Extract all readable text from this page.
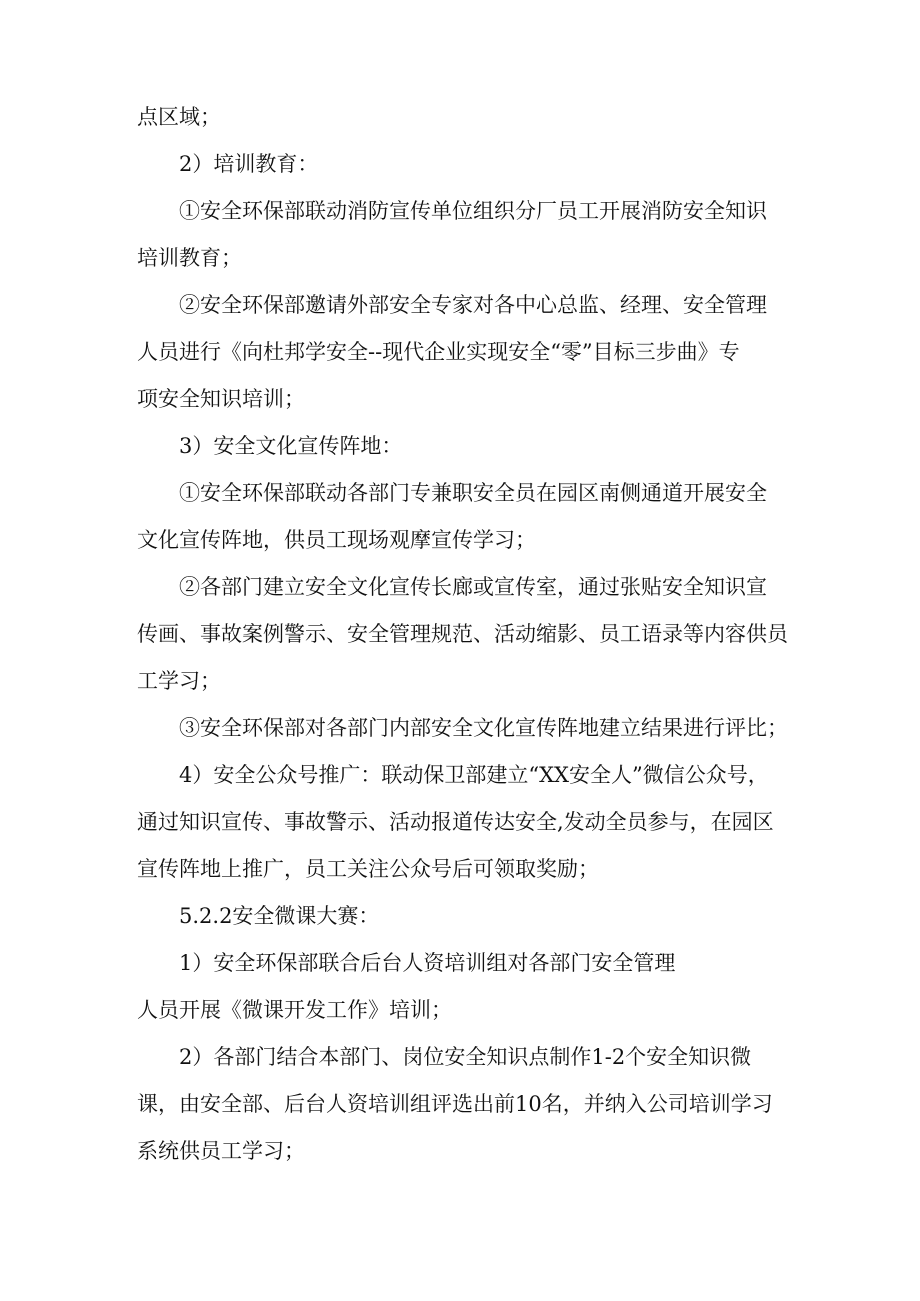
点区域；
2）培训教育：
①安全环保部联动消防宣传单位组织分厂员工开展消防安全知识
培训教育；
②安全环保部邀请外部安全专家对各中心总监、经理、安全管理
人员进行《向杜邦学安全--现代企业实现安全“零”目标三步曲》专
项安全知识培训；
3）安全文化宣传阵地：
①安全环保部联动各部门专兼职安全员在园区南侧通道开展安全
文化宣传阵地，供员工现场观摩宣传学习；
②各部门建立安全文化宣传长廊或宣传室，通过张贴安全知识宣
传画、事故案例警示、安全管理规范、活动缩影、员工语录等内容供员
工学习；
③安全环保部对各部门内部安全文化宣传阵地建立结果进行评比；
4）安全公众号推广：联动保卫部建立“XX安全人”微信公众号，
通过知识宣传、事故警示、活动报道传达安全,发动全员参与，在园区
宣传阵地上推广，员工关注公众号后可领取奖励；
5.2.2安全微课大赛：
1）安全环保部联合后台人资培训组对各部门安全管理
人员开展《微课开发工作》培训；
2）各部门结合本部门、岗位安全知识点制作1-2个安全知识微
课，由安全部、后台人资培训组评选出前10名，并纳入公司培训学习
系统供员工学习；
